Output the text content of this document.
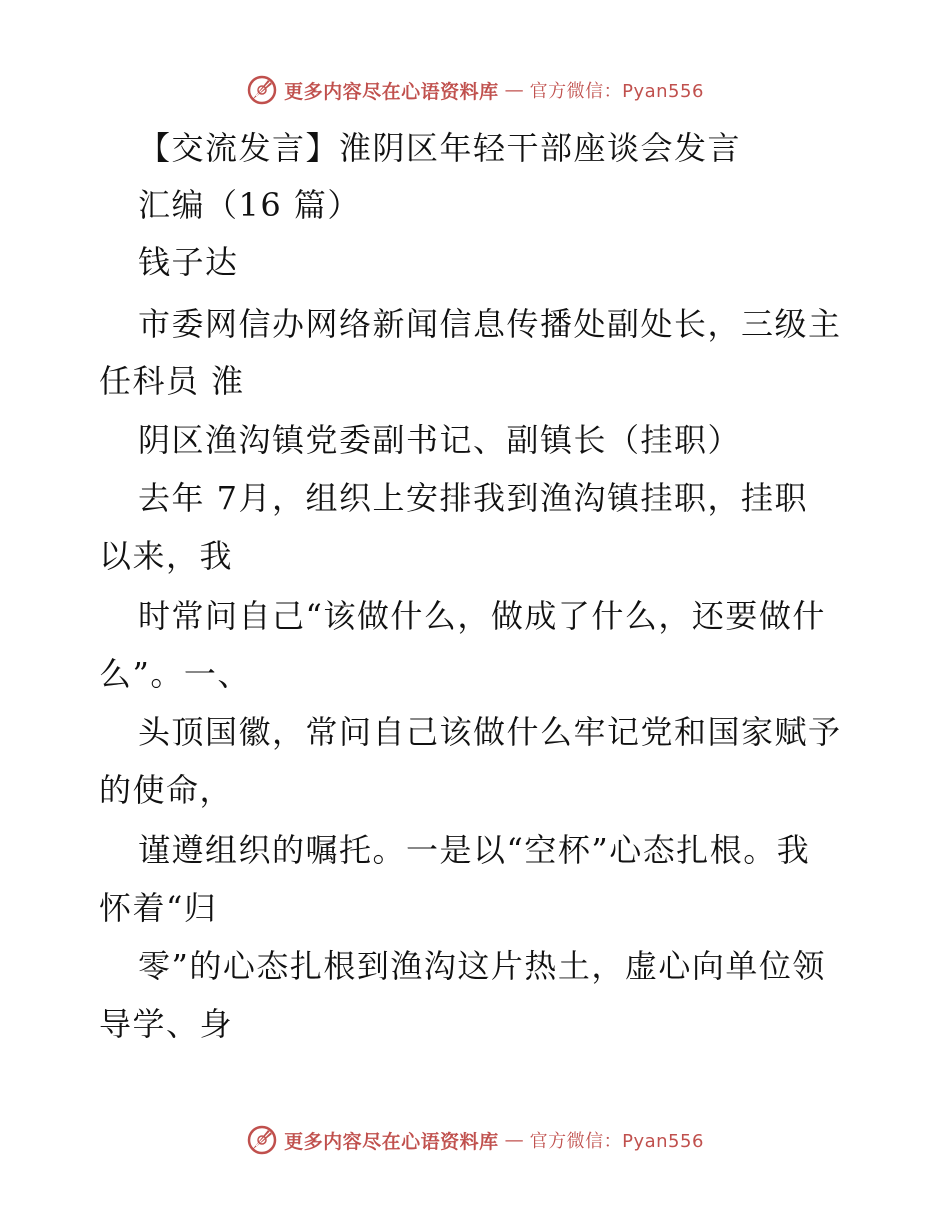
更多内容尽在心语资料库 — 官方微信：Pyan556
【交流发言】淮阴区年轻干部座谈会发言
汇编（16 篇）
钱子达
市委网信办网络新闻信息传播处副处长，三级主
任科员 淮
阴区渔沟镇党委副书记、副镇长（挂职）
去年 7月，组织上安排我到渔沟镇挂职，挂职
以来，我
时常问自己“该做什么，做成了什么，还要做什
么”。一、
头顶国徽，常问自己该做什么牢记党和国家赋予
的使命，
谨遵组织的嘱托。一是以“空杯”心态扎根。我
怀着“归
零”的心态扎根到渔沟这片热土，虚心向单位领
导学、身
更多内容尽在心语资料库 — 官方微信：Pyan556
